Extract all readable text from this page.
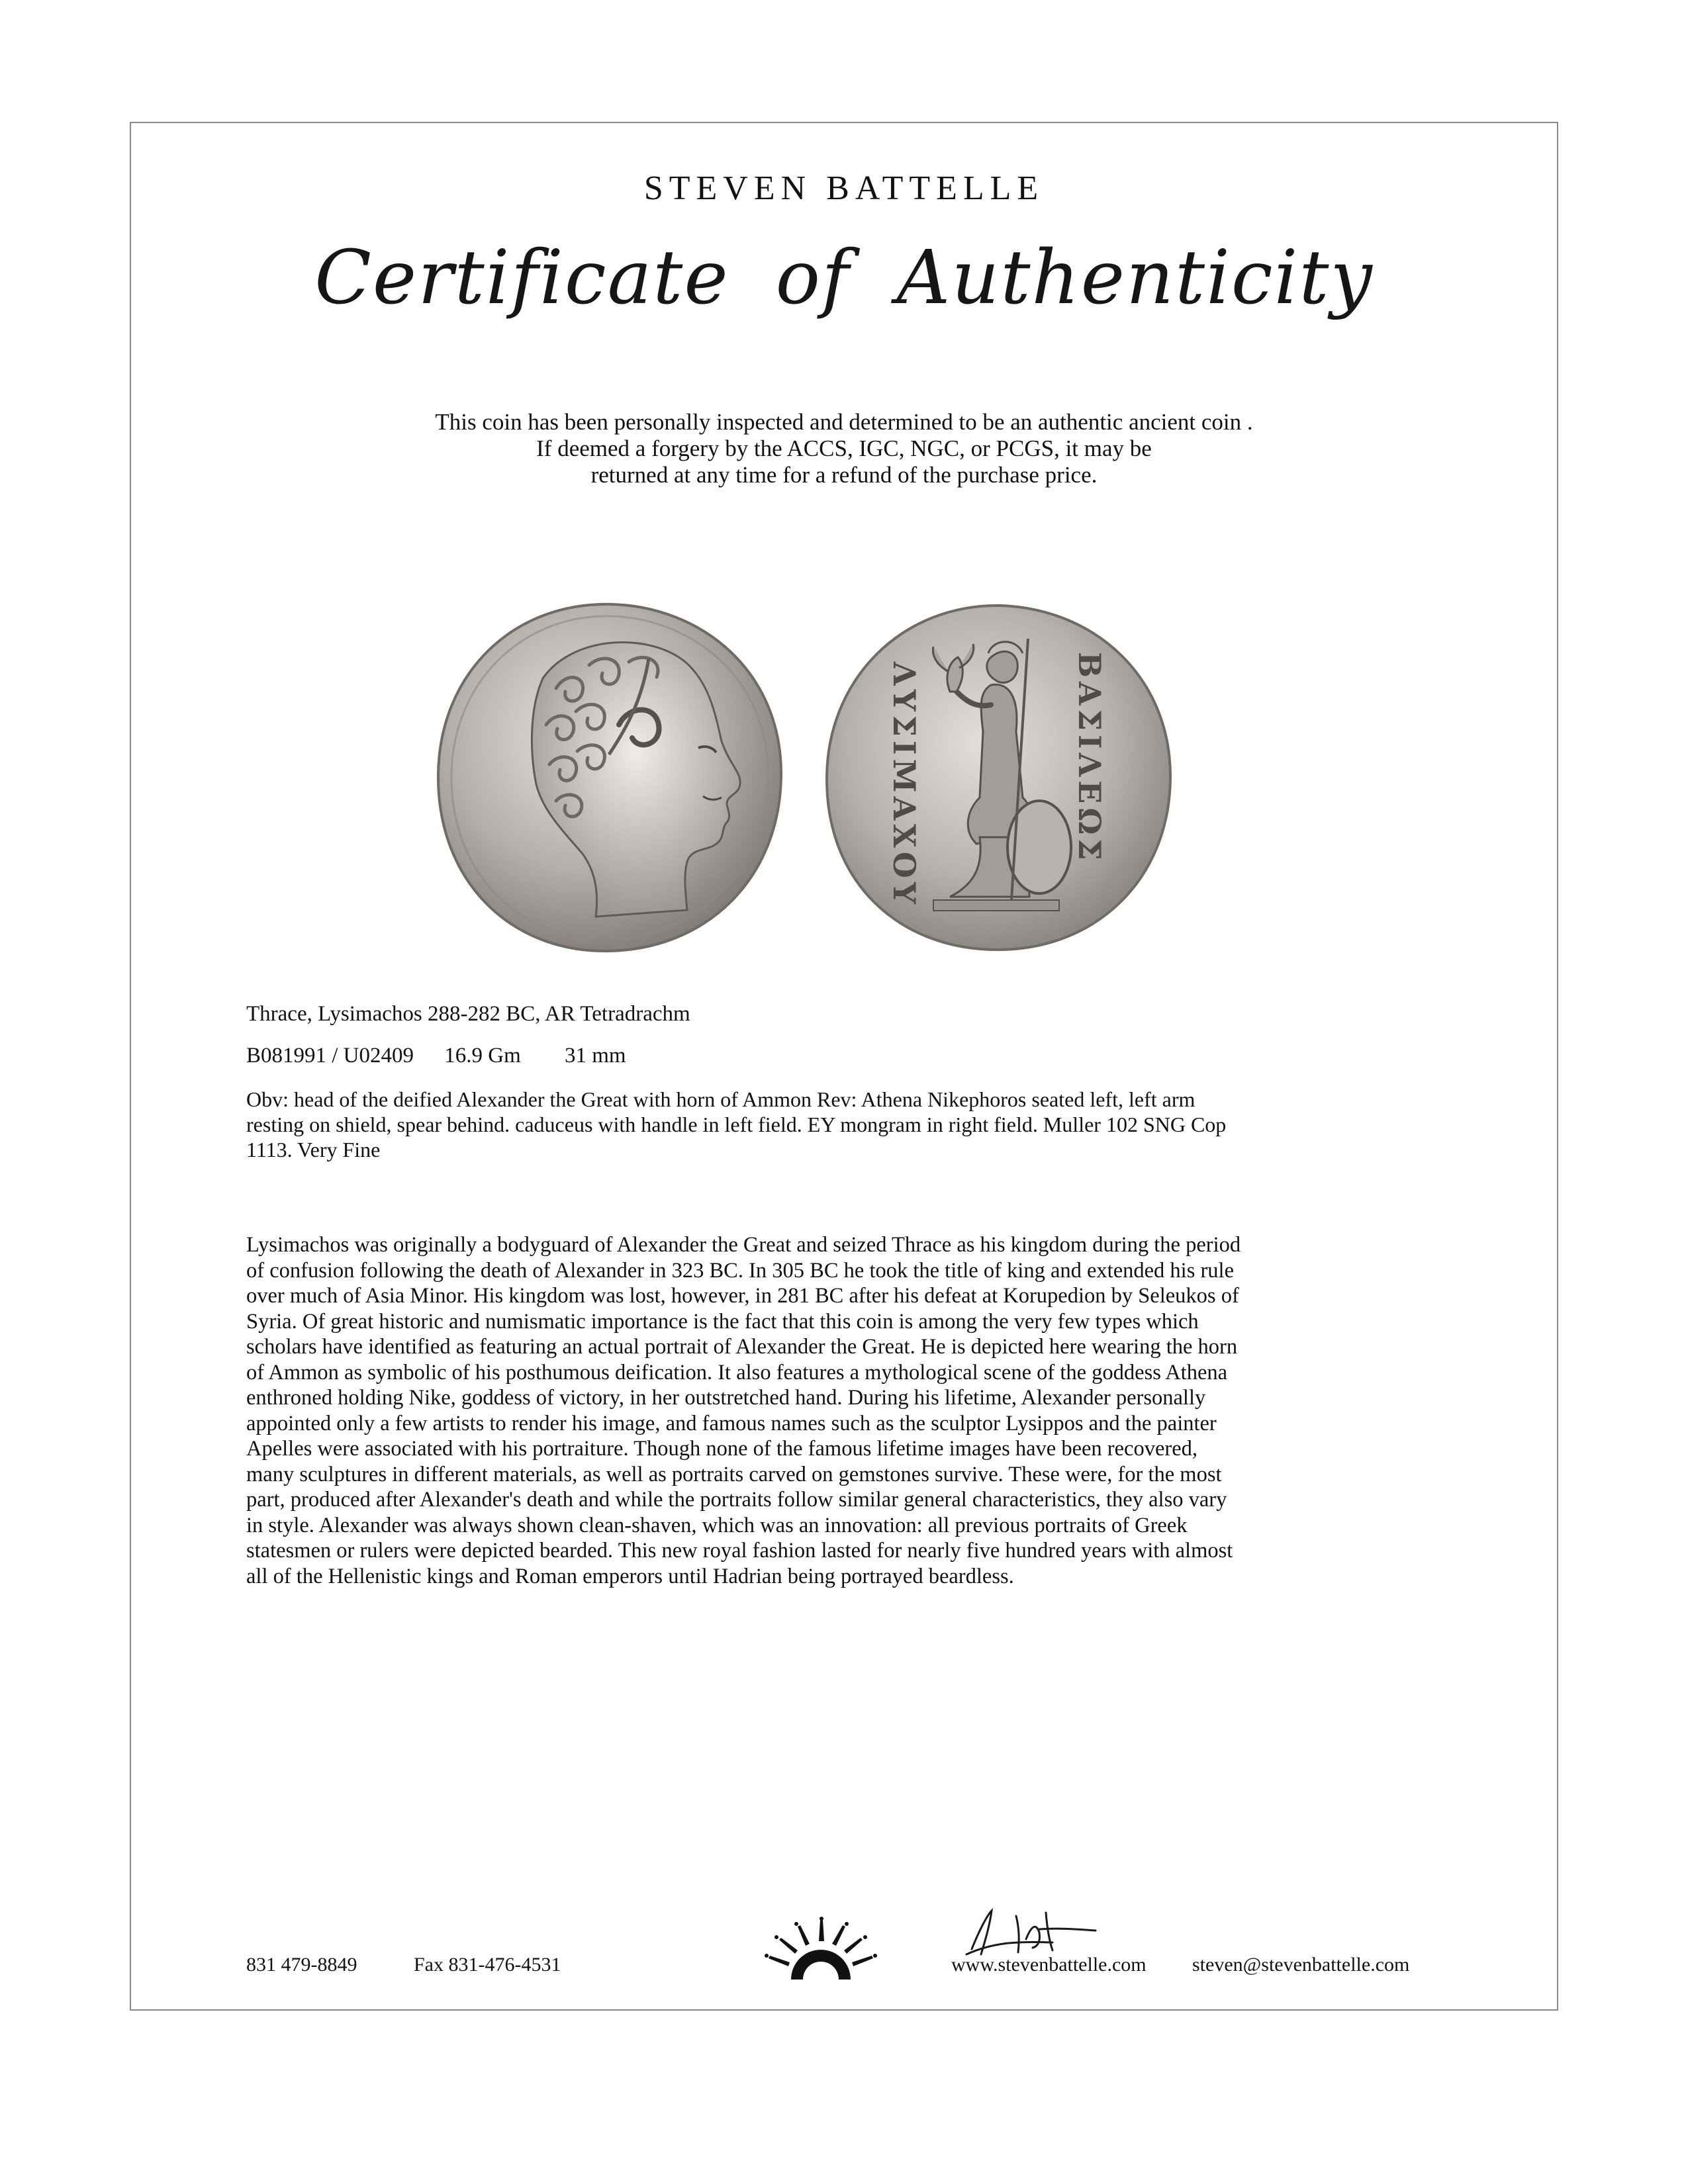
STEVEN BATTELLE
Certificate of Authenticity
This coin has been personally inspected and determined to be an authentic ancient coin .
If deemed a forgery by the ACCS, IGC, NGC, or PCGS, it may be
returned at any time for a refund of the purchase price.
ΛΥΣΙΜΑΧΟΥ	ΒΑΣΙΛΕΩΣ
Thrace, Lysimachos 288-282 BC, AR Tetradrachm
B081991 / U02409 16.9 Gm 31 mm
Obv: head of the deified Alexander the Great with horn of Ammon Rev: Athena Nikephoros seated left, left arm
resting on shield, spear behind. caduceus with handle in left field. EY mongram in right field. Muller 102 SNG Cop
1113. Very Fine
Lysimachos was originally a bodyguard of Alexander the Great and seized Thrace as his kingdom during the period
of confusion following the death of Alexander in 323 BC. In 305 BC he took the title of king and extended his rule
over much of Asia Minor. His kingdom was lost, however, in 281 BC after his defeat at Korupedion by Seleukos of
Syria. Of great historic and numismatic importance is the fact that this coin is among the very few types which
scholars have identified as featuring an actual portrait of Alexander the Great. He is depicted here wearing the horn
of Ammon as symbolic of his posthumous deification. It also features a mythological scene of the goddess Athena
enthroned holding Nike, goddess of victory, in her outstretched hand. During his lifetime, Alexander personally
appointed only a few artists to render his image, and famous names such as the sculptor Lysippos and the painter
Apelles were associated with his portraiture. Though none of the famous lifetime images have been recovered,
many sculptures in different materials, as well as portraits carved on gemstones survive. These were, for the most
part, produced after Alexander's death and while the portraits follow similar general characteristics, they also vary
in style. Alexander was always shown clean-shaven, which was an innovation: all previous portraits of Greek
statesmen or rulers were depicted bearded. This new royal fashion lasted for nearly five hundred years with almost
all of the Hellenistic kings and Roman emperors until Hadrian being portrayed beardless.
831 479-8849	Fax 831-476-4531	www.stevenbattelle.com steven@stevenbattelle.com
